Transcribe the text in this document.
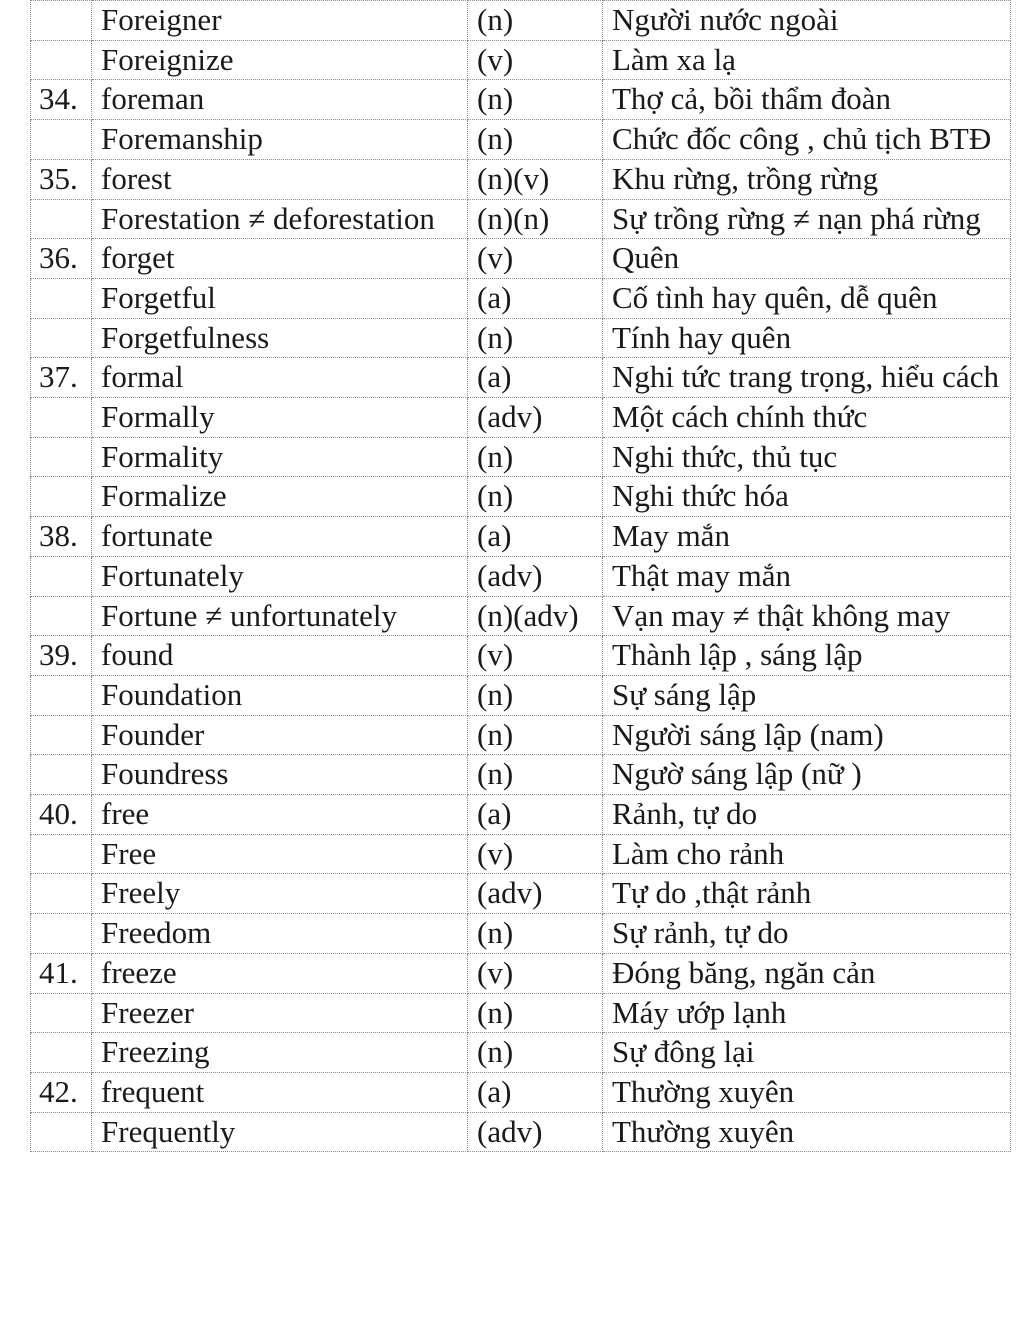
	Foreigner	(n)	Người nước ngoài
	Foreignize	(v)	Làm xa lạ
34.	foreman	(n)	Thợ cả, bồi thẩm đoàn
	Foremanship	(n)	Chức đốc công , chủ tịch BTĐ
35.	forest	(n)(v)	Khu rừng, trồng rừng
	Forestation ≠ deforestation	(n)(n)	Sự trồng rừng ≠ nạn phá rừng
36.	forget	(v)	Quên
	Forgetful	(a)	Cố tình hay quên, dễ quên
	Forgetfulness	(n)	Tính hay quên
37.	formal	(a)	Nghi tức trang trọng, hiểu cách
	Formally	(adv)	Một cách chính thức
	Formality	(n)	Nghi thức, thủ tục
	Formalize	(n)	Nghi thức hóa
38.	fortunate	(a)	May mắn
	Fortunately	(adv)	Thật may mắn
	Fortune ≠ unfortunately	(n)(adv)	Vạn may ≠ thật không may
39.	found	(v)	Thành lập , sáng lập
	Foundation	(n)	Sự sáng lập
	Founder	(n)	Người sáng lập (nam)
	Foundress	(n)	Ngườ sáng lập (nữ )
40.	free	(a)	Rảnh, tự do
	Free	(v)	Làm cho rảnh
	Freely	(adv)	Tự do ,thật rảnh
	Freedom	(n)	Sự rảnh, tự do
41.	freeze	(v)	Đóng băng, ngăn cản
	Freezer	(n)	Máy ướp lạnh
	Freezing	(n)	Sự đông lại
42.	frequent	(a)	Thường xuyên
	Frequently	(adv)	Thường xuyên
